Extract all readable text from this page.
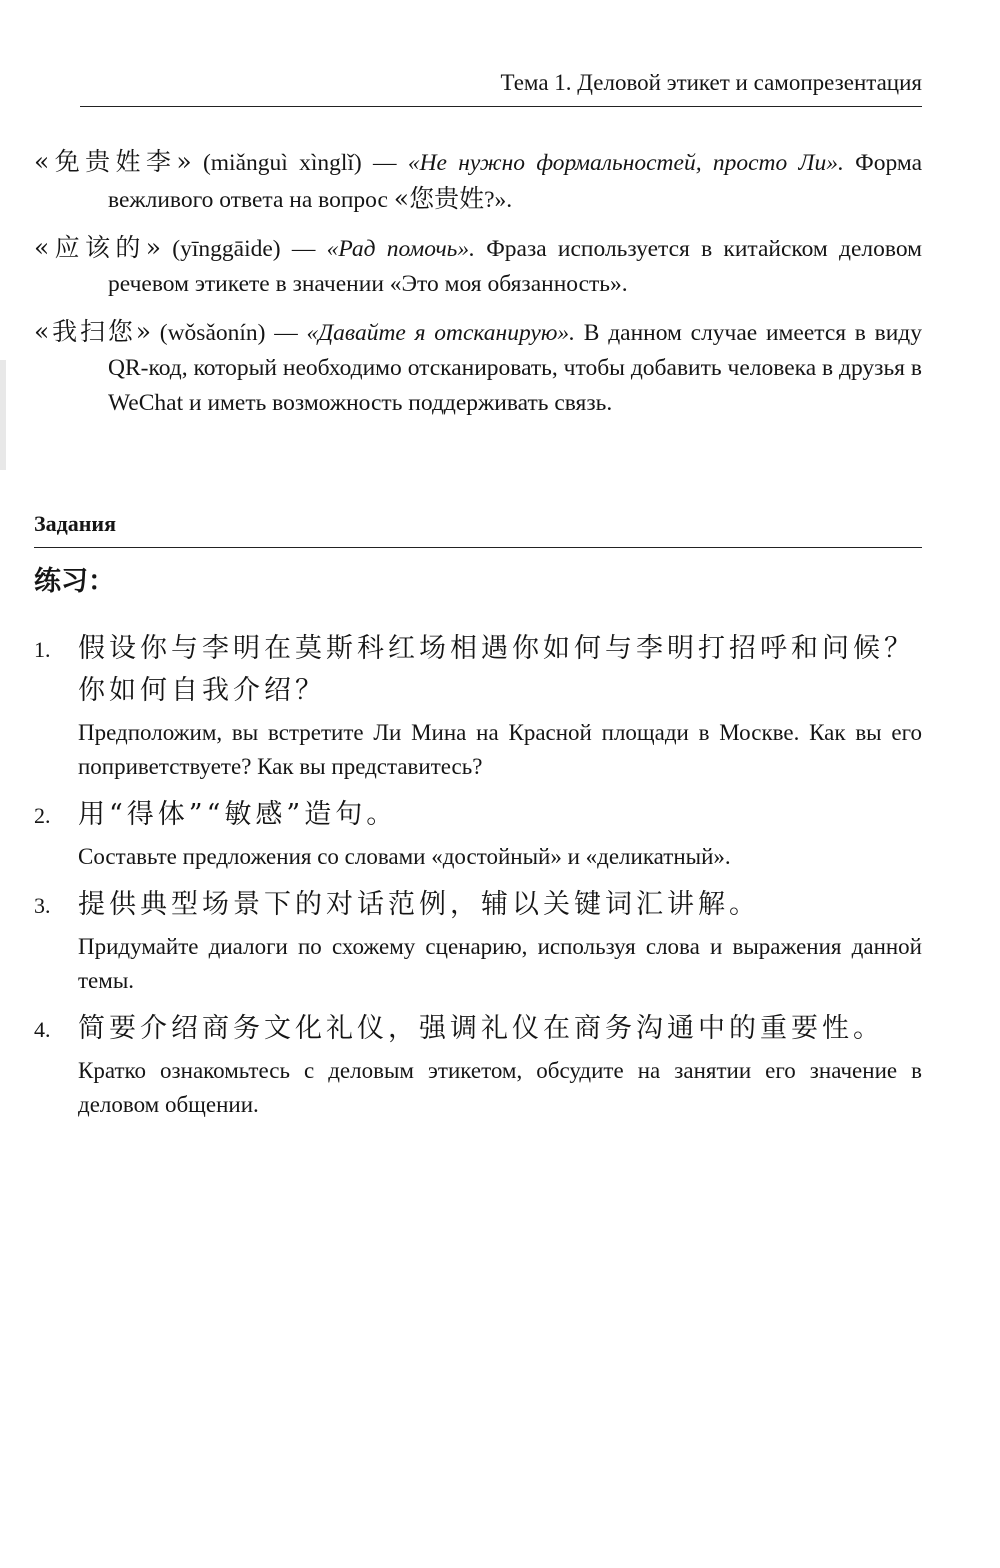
Тема 1. Деловой этикет и самопрезентация
«免贵姓李» (miǎnguì xìnglǐ) — «Не нужно формальностей, просто Ли». Форма вежливого ответа на вопрос «您贵姓?».
«应该的» (yīnggāide) — «Рад помочь». Фраза используется в китайском деловом речевом этикете в значении «Это моя обязанность».
«我扫您» (wǒsǎonín) — «Давайте я отсканирую». В данном случае имеется в виду QR-код, который необходимо отсканировать, чтобы добавить человека в друзья в WeChat и иметь возможность поддерживать связь.
Задания
练习：
1. 假设你与李明在莫斯科红场相遇你如何与李明打招呼和问候？你如何自我介绍？
Предположим, вы встретите Ли Мина на Красной площади в Москве. Как вы его поприветствуете? Как вы представитесь?
2. 用“得体”“敏感”造句。
Составьте предложения со словами «достойный» и «деликатный».
3. 提供典型场景下的对话范例，辅以关键词汇讲解。
Придумайте диалоги по схожему сценарию, используя слова и выражения данной темы.
4. 简要介绍商务文化礼仪，强调礼仪在商务沟通中的重要性。
Кратко ознакомьтесь с деловым этикетом, обсудите на занятии его значение в деловом общении.
